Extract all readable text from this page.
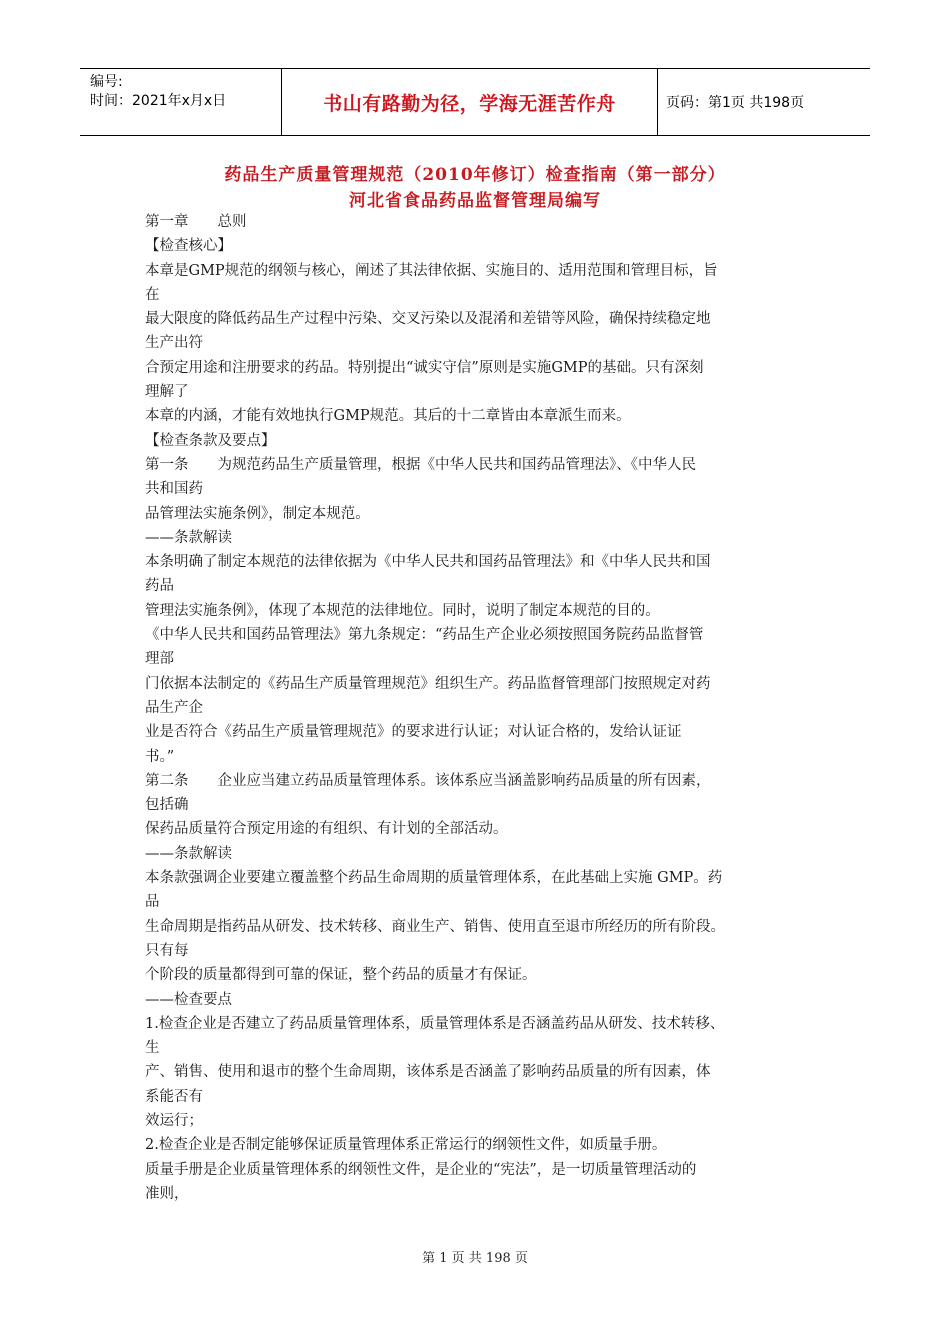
编号:
时间：2021年x月x日	书山有路勤为径，学海无涯苦作舟	页码：第1页 共198页
药品生产质量管理规范（2010年修订）检查指南（第一部分）
河北省食品药品监督管理局编写
第一章　　总则
【检查核心】
本章是GMP规范的纲领与核心，阐述了其法律依据、实施目的、适用范围和管理目标，旨
在
最大限度的降低药品生产过程中污染、交叉污染以及混淆和差错等风险，确保持续稳定地
生产出符
合预定用途和注册要求的药品。特别提出“诚实守信”原则是实施GMP的基础。只有深刻
理解了
本章的内涵，才能有效地执行GMP规范。其后的十二章皆由本章派生而来。
【检查条款及要点】
第一条　　为规范药品生产质量管理，根据《中华人民共和国药品管理法》、《中华人民
共和国药
品管理法实施条例》，制定本规范。
——条款解读
本条明确了制定本规范的法律依据为《中华人民共和国药品管理法》和《中华人民共和国
药品
管理法实施条例》，体现了本规范的法律地位。同时，说明了制定本规范的目的。
《中华人民共和国药品管理法》第九条规定：“药品生产企业必须按照国务院药品监督管
理部
门依据本法制定的《药品生产质量管理规范》组织生产。药品监督管理部门按照规定对药
品生产企
业是否符合《药品生产质量管理规范》的要求进行认证；对认证合格的，发给认证证
书。”
第二条　　企业应当建立药品质量管理体系。该体系应当涵盖影响药品质量的所有因素，
包括确
保药品质量符合预定用途的有组织、有计划的全部活动。
——条款解读
本条款强调企业要建立覆盖整个药品生命周期的质量管理体系，在此基础上实施 GMP。药
品
生命周期是指药品从研发、技术转移、商业生产、销售、使用直至退市所经历的所有阶段。
只有每
个阶段的质量都得到可靠的保证，整个药品的质量才有保证。
——检查要点
1.检查企业是否建立了药品质量管理体系，质量管理体系是否涵盖药品从研发、技术转移、
生
产、销售、使用和退市的整个生命周期，该体系是否涵盖了影响药品质量的所有因素，体
系能否有
效运行；
2.检查企业是否制定能够保证质量管理体系正常运行的纲领性文件，如质量手册。
质量手册是企业质量管理体系的纲领性文件，是企业的“宪法”，是一切质量管理活动的
准则，
第 1 页 共 198 页
